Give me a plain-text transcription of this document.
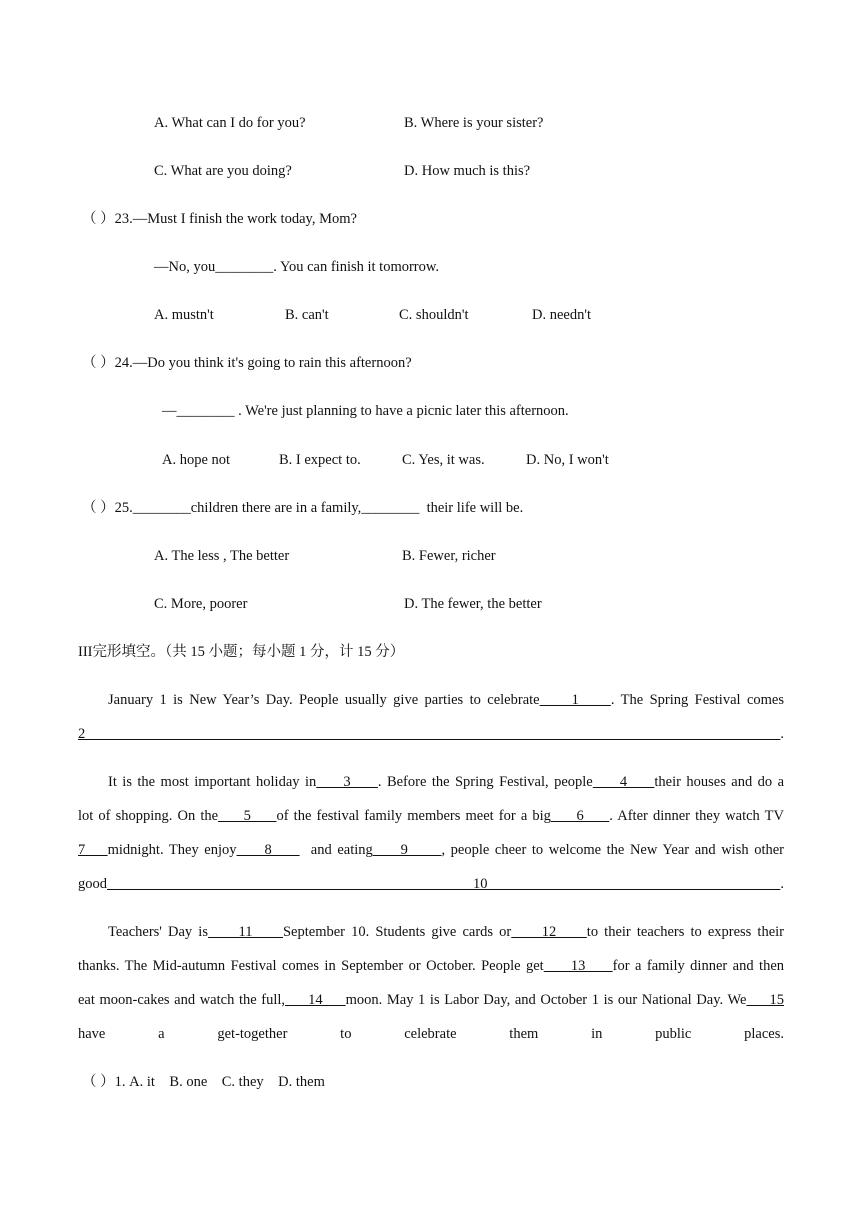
A. What can I do for you?	B. Where is your sister?
C. What are you doing?	D. How much is this?
（ ）23.—Must I finish the work today, Mom?
—No, you________. You can finish it tomorrow.
A. mustn't	B. can't	C. shouldn't	D. needn't
（ ）24.—Do you think it's going to rain this afternoon?
—________ . We're just planning to have a picnic later this afternoon.
A. hope not	B. I expect to.	C. Yes, it was.	D. No, I won't
（ ）25.________children there are in a family,________  their life will be.
A. The less , The better	B. Fewer, richer
C. More, poorer	D. The fewer, the better
III完形填空。（共 15 小题；每小题 1 分，计 15 分）
January 1 is New Year’s Day. People usually give parties to celebrate     1     . The Spring Festival comes
2    .
It is the most important holiday in     3     . Before the Spring Festival, people     4     their houses and do a
lot of shopping. On the     5     of the festival family members meet for a big     6     . After dinner they watch TV
7    midnight. They enjoy     8       and eating     9      , people cheer to welcome the New Year and wish other
good     10    .
Teachers' Day is     11     September 10. Students give cards or     12     to their teachers to express their
thanks. The Mid-autumn Festival comes in September or October. People get     13     for a family dinner and then
eat moon-cakes and watch the full,     14     moon. May 1 is Labor Day, and October 1 is our National Day. We     15
have a get-together to celebrate them in public places.
（ ）1. A. it    B. one    C. they    D. them
